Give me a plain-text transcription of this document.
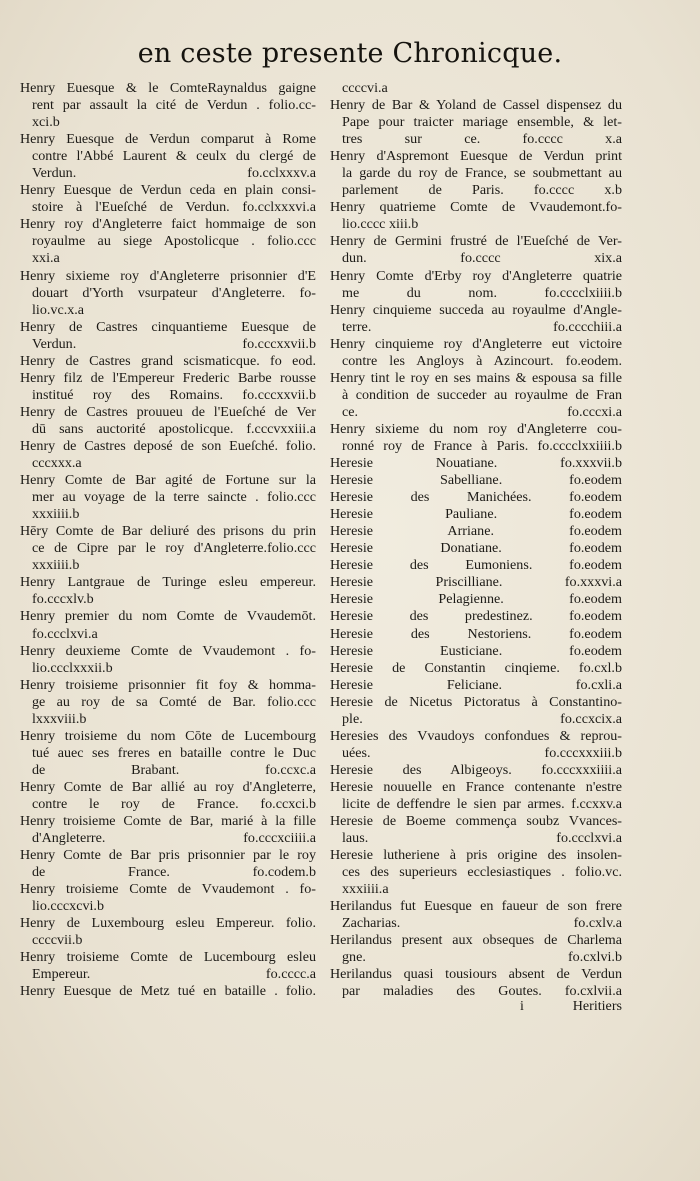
en ceste presente Chronicque.
Henry Euesque & le ComteRaynaldus gaigne
rent par assault la cité de Verdun . folio.cc-
xci.b
Henry Euesque de Verdun comparut à Rome
contre l'Abbé Laurent & ceulx du clergé de
Verdun. fo.cclxxxv.a
Henry Euesque de Verdun ceda en plain consi-
stoire à l'Eueſché de Verdun. fo.cclxxxvi.a
Henry roy d'Angleterre faict hommaige de son
royaulme au siege Apostolicque . folio.ccc
xxi.a
Henry sixieme roy d'Angleterre prisonnier d'E
douart d'Yorth vsurpateur d'Angleterre. fo-
lio.vc.x.a
Henry de Castres cinquantieme Euesque de
Verdun. fo.cccxxvii.b
Henry de Castres grand scismaticque. fo eod.
Henry filz de l'Empereur Frederic Barbe rousse
institué roy des Romains. fo.cccxxvii.b
Henry de Castres prouueu de l'Eueſché de Ver
dū sans auctorité apostolicque. f.cccvxxiii.a
Henry de Castres deposé de son Eueſché. folio.
cccxxx.a
Henry Comte de Bar agité de Fortune sur la
mer au voyage de la terre saincte . folio.ccc
xxxiiii.b
Hēry Comte de Bar deliuré des prisons du prin
ce de Cipre par le roy d'Angleterre.folio.ccc
xxxiiii.b
Henry Lantgraue de Turinge esleu empereur.
fo.cccxlv.b
Henry premier du nom Comte de Vvaudemōt.
fo.ccclxvi.a
Henry deuxieme Comte de Vvaudemont . fo-
lio.ccclxxxii.b
Henry troisieme prisonnier fit foy & homma-
ge au roy de sa Comté de Bar. folio.ccc
lxxxviii.b
Henry troisieme du nom Cōte de Lucembourg
tué auec ses freres en bataille contre le Duc
de Brabant. fo.ccxc.a
Henry Comte de Bar allié au roy d'Angleterre,
contre le roy de France. fo.ccxci.b
Henry troisieme Comte de Bar, marié à la fille
d'Angleterre. fo.cccxciiii.a
Henry Comte de Bar pris prisonnier par le roy
de France. fo.codem.b
Henry troisieme Comte de Vvaudemont . fo-
lio.cccxcvi.b
Henry de Luxembourg esleu Empereur. folio.
ccccvii.b
Henry troisieme Comte de Lucembourg esleu
Empereur. fo.cccc.a
Henry Euesque de Metz tué en bataille . folio.
ccccvi.a
Henry de Bar & Yoland de Cassel dispensez du
Pape pour traicter mariage ensemble, & let-
tres sur ce. fo.cccc x.a
Henry d'Aspremont Euesque de Verdun print
la garde du roy de France, se soubmettant au
parlement de Paris. fo.cccc x.b
Henry quatrieme Comte de Vvaudemont.fo-
lio.cccc xiii.b
Henry de Germini frustré de l'Eueſché de Ver-
dun. fo.cccc xix.a
Henry Comte d'Erby roy d'Angleterre quatrie
me du nom. fo.cccclxiiii.b
Henry cinquieme succeda au royaulme d'Angle-
terre. fo.cccchiii.a
Henry cinquieme roy d'Angleterre eut victoire
contre les Angloys à Azincourt. fo.eodem.
Henry tint le roy en ses mains & espousa sa fille
à condition de succeder au royaulme de Fran
ce. fo.cccxi.a
Henry sixieme du nom roy d'Angleterre cou-
ronné roy de France à Paris. fo.cccclxxiiii.b
Heresie Nouatiane. fo.xxxvii.b
Heresie Sabelliane. fo.eodem
Heresie des Manichées. fo.eodem
Heresie Pauliane. fo.eodem
Heresie Arriane. fo.eodem
Heresie Donatiane. fo.eodem
Heresie des Eumoniens. fo.eodem
Heresie Priscilliane. fo.xxxvi.a
Heresie Pelagienne. fo.eodem
Heresie des predestinez. fo.eodem
Heresie des Nestoriens. fo.eodem
Heresie Eusticiane. fo.eodem
Heresie de Constantin cinqieme. fo.cxl.b
Heresie Feliciane. fo.cxli.a
Heresie de Nicetus Pictoratus à Constantino-
ple. fo.ccxcix.a
Heresies des Vvaudoys confondues & reprou-
uées. fo.cccxxxiii.b
Heresie des Albigeoys. fo.cccxxxiiii.a
Heresie nouuelle en France contenante n'estre
licite de deffendre le sien par armes. f.ccxxv.a
Heresie de Boeme commença soubz Vvances-
laus. fo.ccclxvi.a
Heresie lutheriene à pris origine des insolen-
ces des superieurs ecclesiastiques . folio.vc.
xxxiiii.a
Herilandus fut Euesque en faueur de son frere
Zacharias. fo.cxlv.a
Herilandus present aux obseques de Charlema
gne. fo.cxlvi.b
Herilandus quasi tousiours absent de Verdun
par maladies des Goutes. fo.cxlvii.a
i	Heritiers
